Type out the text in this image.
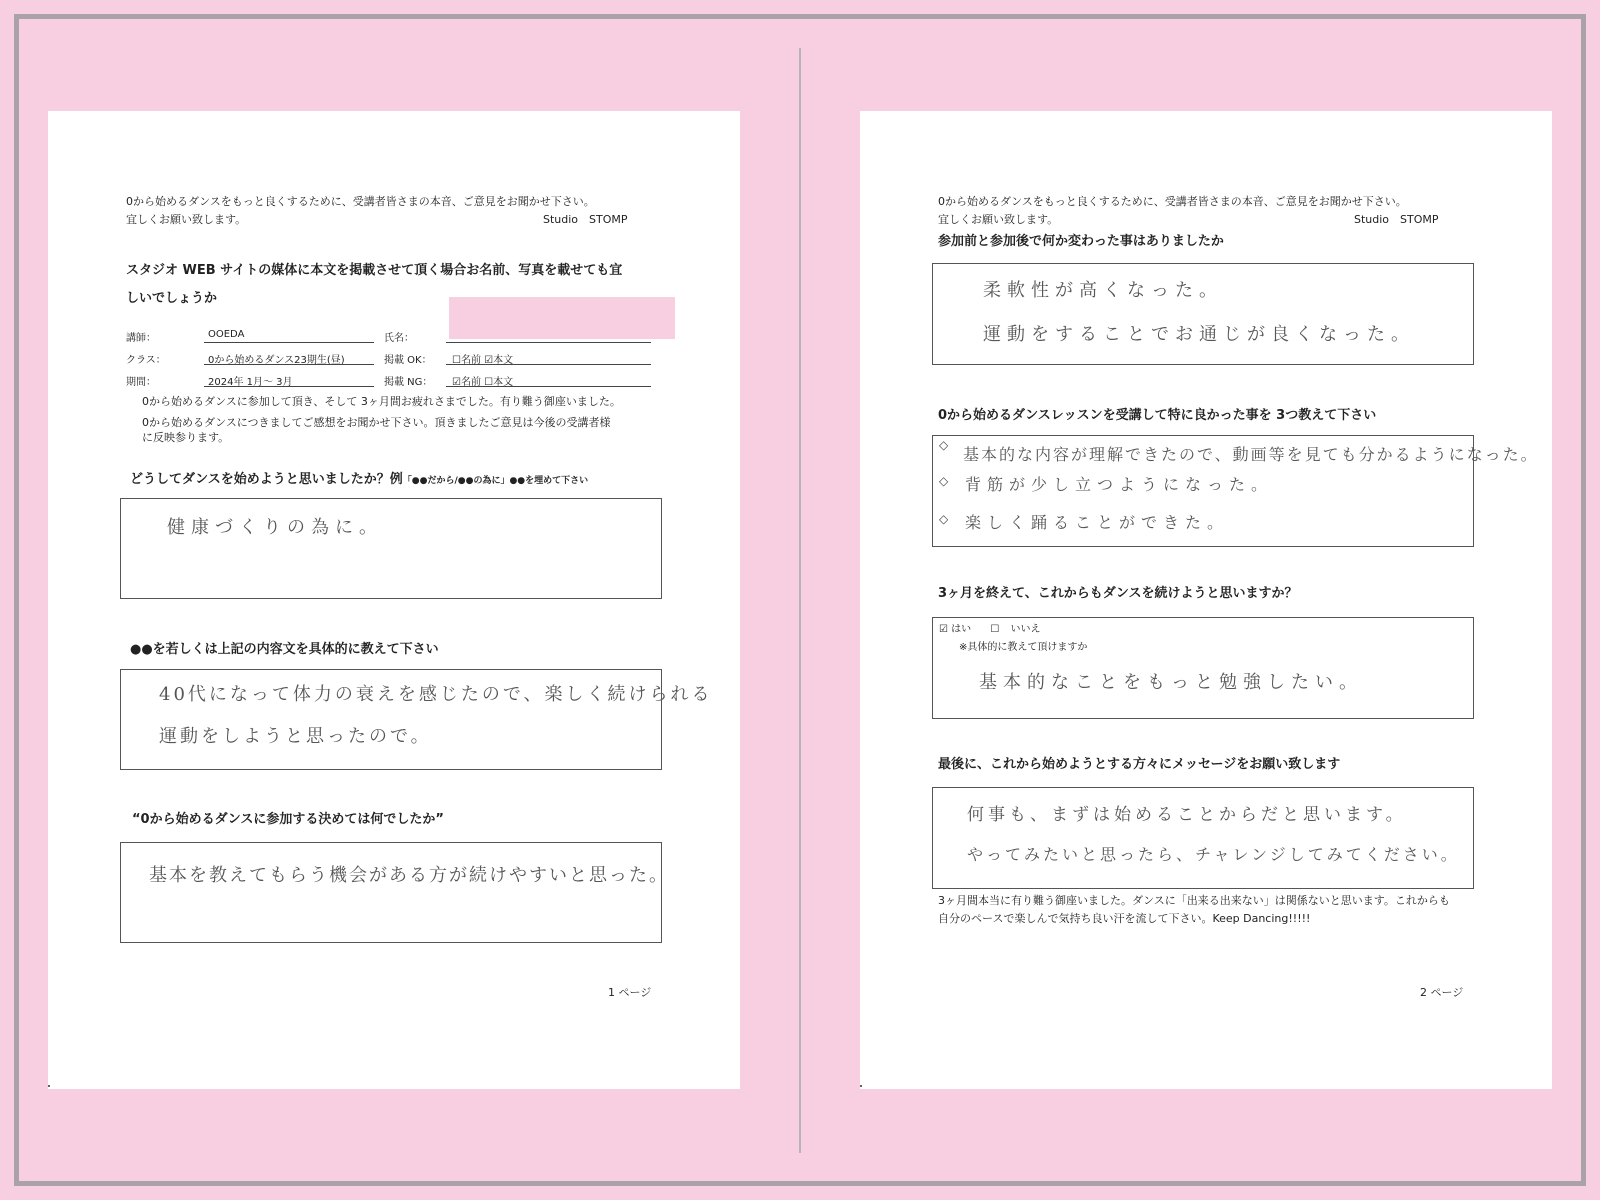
0から始めるダンスをもっと良くするために、受講者皆さまの本音、ご意見をお聞かせ下さい。
宜しくお願い致します。	Studio　STOMP
スタジオ WEB サイトの媒体に本文を掲載させて頂く場合お名前、写真を載せても宜
しいでしょうか
講師：	OOEDA	氏名：
クラス：	0から始めるダンス23期生(昼)	掲載 OK： ☐名前 ☑本文
期間：	2024年 1月〜 3月	掲載 NG： ☑名前 ☐本文
0から始めるダンスに参加して頂き、そして 3ヶ月間お疲れさまでした。有り難う御座いました。
0から始めるダンスにつきましてご感想をお聞かせ下さい。頂きましたご意見は今後の受講者様
に反映参ります。
どうしてダンスを始めようと思いましたか？例「●●だから/●●の為に」●●を埋めて下さい
健康づくりの為に。
●●を若しくは上記の内容文を具体的に教えて下さい
40代になって体力の衰えを感じたので、楽しく続けられる
運動をしようと思ったので。
“0から始めるダンスに参加する決めては何でしたか”
基本を教えてもらう機会がある方が続けやすいと思った。
1 ページ
0から始めるダンスをもっと良くするために、受講者皆さまの本音、ご意見をお聞かせ下さい。
宜しくお願い致します。	Studio　STOMP
参加前と参加後で何か変わった事はありましたか
柔軟性が高くなった。
運動をすることでお通じが良くなった。
0から始めるダンスレッスンを受講して特に良かった事を 3つ教えて下さい
◇ 基本的な内容が理解できたので、動画等を見ても分かるようになった。
◇ 背筋が少し立つようになった。
◇ 楽しく踊ることができた。
3ヶ月を終えて、これからもダンスを続けようと思いますか？
☑ はい ☐ いいえ
※具体的に教えて頂けますか
基本的なことをもっと勉強したい。
最後に、これから始めようとする方々にメッセージをお願い致します
何事も、まずは始めることからだと思います。
やってみたいと思ったら、チャレンジしてみてください。
3ヶ月間本当に有り難う御座いました。ダンスに「出来る出来ない」は関係ないと思います。これからも
自分のペースで楽しんで気持ち良い汗を流して下さい。Keep Dancing!!!!!
2 ページ
